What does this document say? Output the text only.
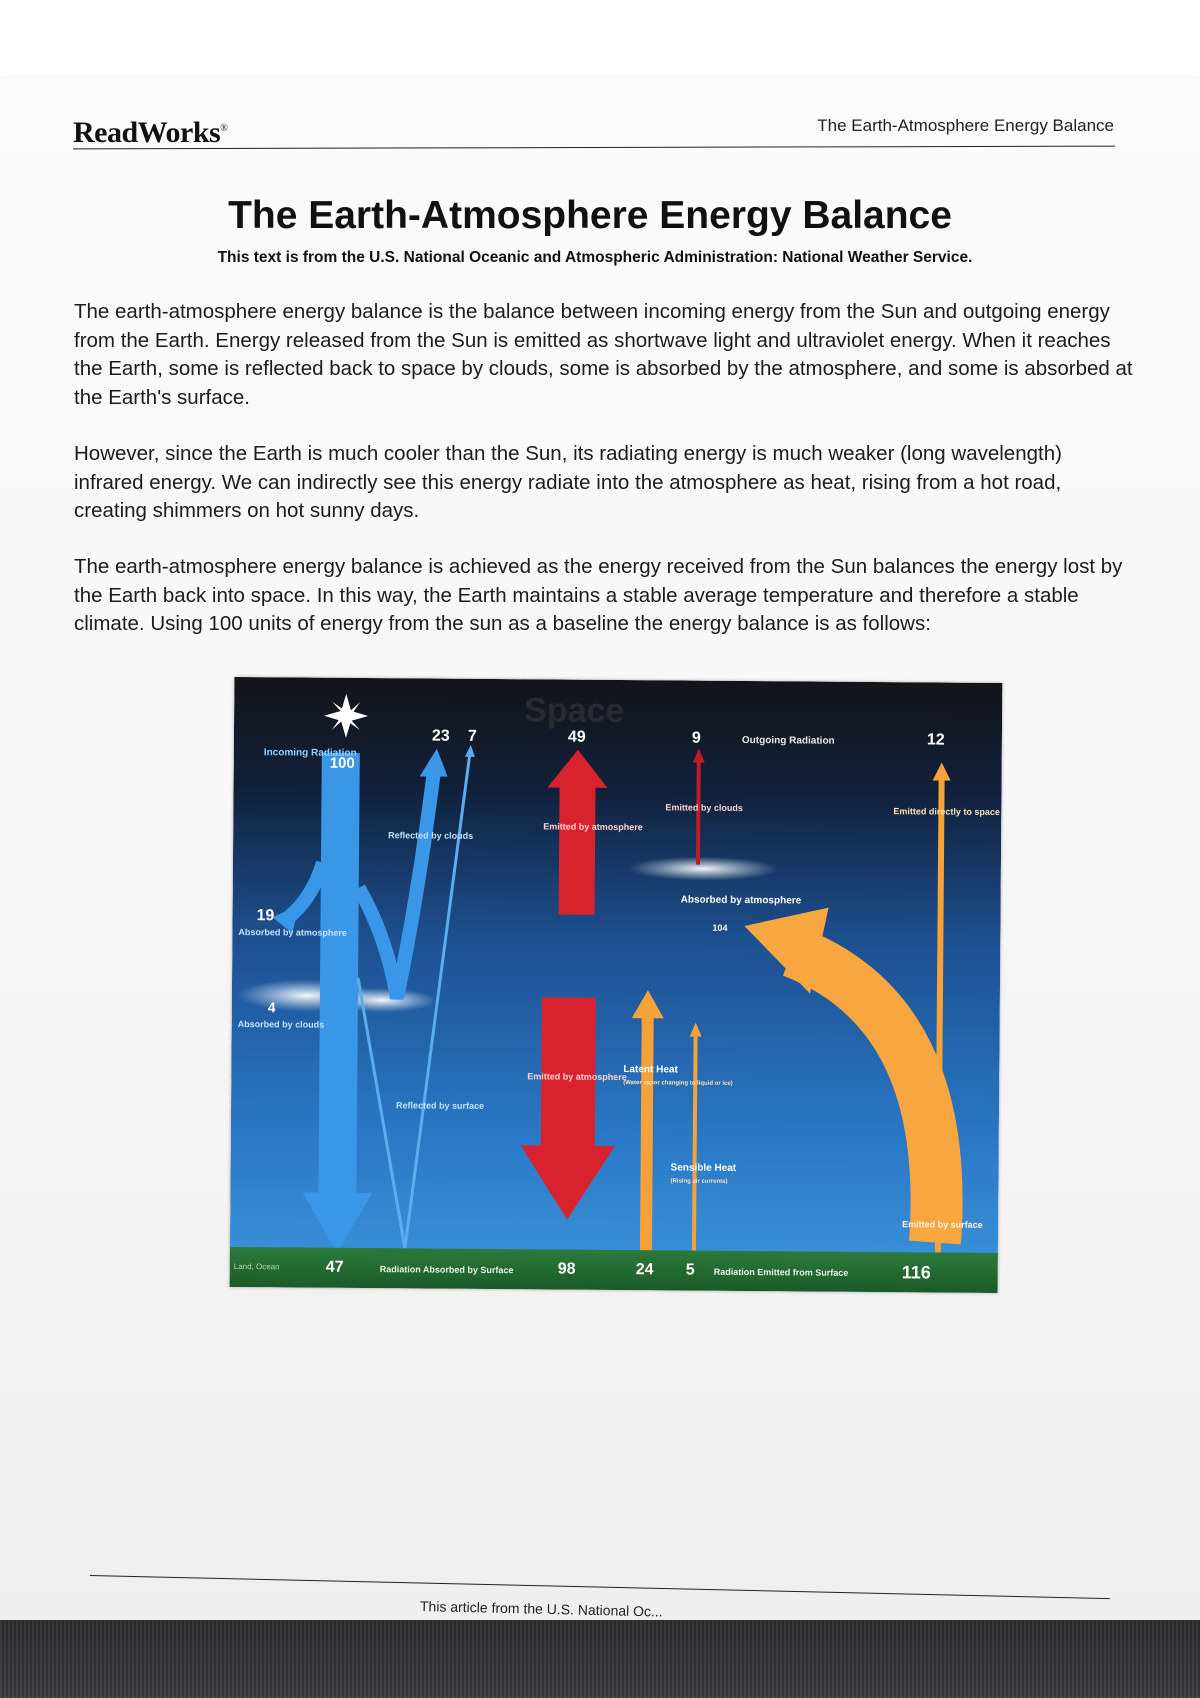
ReadWorks®	The Earth-Atmosphere Energy Balance
The Earth-Atmosphere Energy Balance
This text is from the U.S. National Oceanic and Atmospheric Administration: National Weather Service.

The earth-atmosphere energy balance is the balance between incoming energy from the Sun and outgoing energy from the Earth. Energy released from the Sun is emitted as shortwave light and ultraviolet energy. When it reaches the Earth, some is reflected back to space by clouds, some is absorbed by the atmosphere, and some is absorbed at the Earth's surface.

However, since the Earth is much cooler than the Sun, its radiating energy is much weaker (long wavelength) infrared energy. We can indirectly see this energy radiate into the atmosphere as heat, rising from a hot road, creating shimmers on hot sunny days.

The earth-atmosphere energy balance is achieved as the energy received from the Sun balances the energy lost by the Earth back into space. In this way, the Earth maintains a stable average temperature and therefore a stable climate. Using 100 units of energy from the sun as a baseline the energy balance is as follows:

Space
Incoming Radiation
100
23 7
Reflected by clouds
Reflected by surface
19
Absorbed by atmosphere
4
Absorbed by clouds
49
Emitted by atmosphere
9
Emitted by clouds
Outgoing Radiation	12
Emitted directly to space
Absorbed by atmosphere
104
Emitted by atmosphere
Latent Heat
(Water vapor changing to liquid or ice)
Sensible Heat
(Rising air currents)
Emitted by surface
Land, Ocean	47	Radiation Absorbed by Surface	98	24 5 Radiation Emitted from Surface	116

This article from the U.S. National Oc...
